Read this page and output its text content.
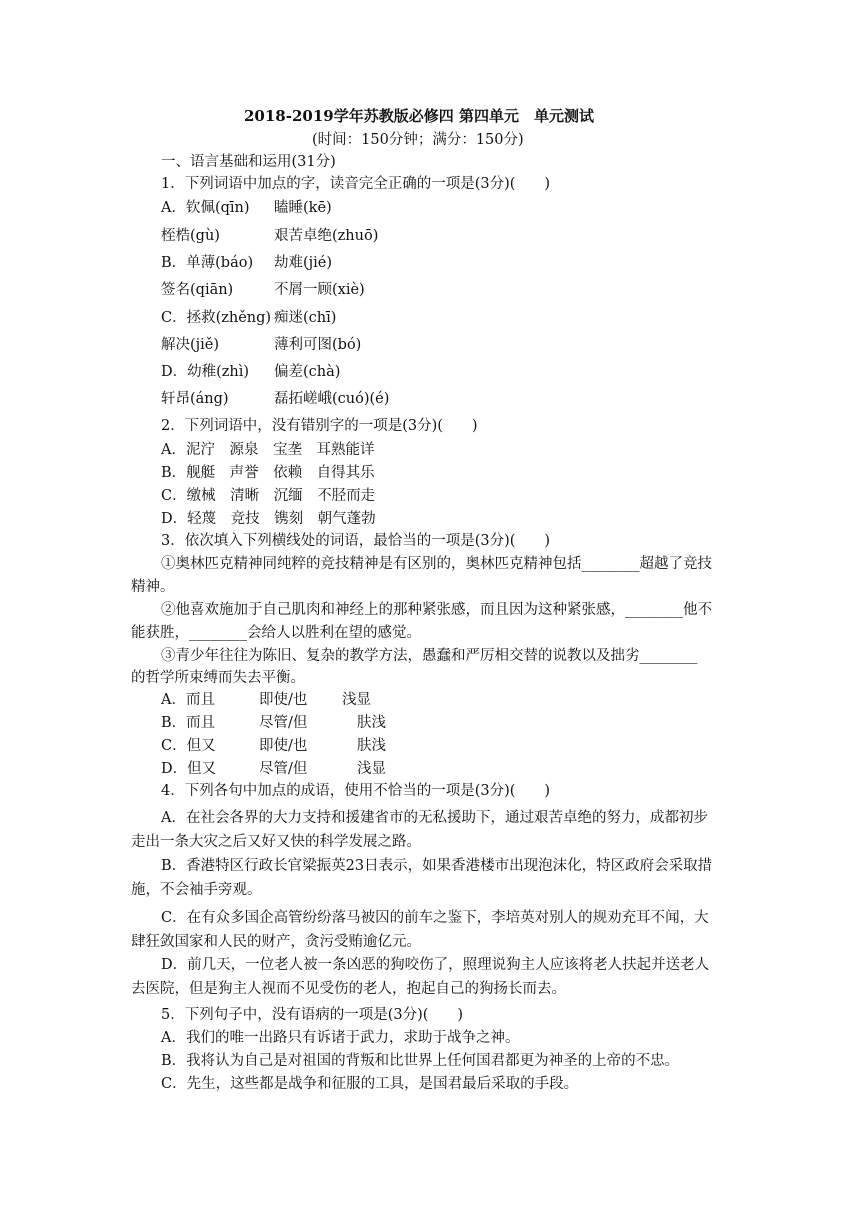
2018-2019学年苏教版必修四 第四单元　单元测试
(时间：150分钟；满分：150分)
一、语言基础和运用(31分)
1．下列词语中加点的字，读音完全正确的一项是(3分)(　　)
A．钦佩(qīn) 瞌睡(kē)
桎梏(gù)	艰苦卓绝(zhuō)
B．单薄(báo) 劫难(jié)
签名(qiān)	不屑一顾(xiè)
C．拯救(zhěng) 痴迷(chī)
解决(jiě)	薄利可图(bó)
D．幼稚(zhì) 偏差(chà)
轩昂(áng)	磊拓嵯峨(cuó)(é)
2．下列词语中，没有错别字的一项是(3分)(　　)
A．泥泞　源泉　宝垄　耳熟能详
B．舰艇　声誉　依赖　自得其乐
C．缴械　清晰　沉缅　不胫而走
D．轻蔑　竞技　镌刻　朝气蓬勃
3．依次填入下列横线处的词语，最恰当的一项是(3分)(　　)
①奥林匹克精神同纯粹的竞技精神是有区别的，奥林匹克精神包括________超越了竞技
精神。
②他喜欢施加于自己肌肉和神经上的那种紧张感，而且因为这种紧张感，________他不
能获胜，________会给人以胜利在望的感觉。
③青少年往往为陈旧、复杂的教学方法，愚蠢和严厉相交替的说教以及拙劣________
的哲学所束缚而失去平衡。
A．而且	即使/也 浅显
B．而且	尽管/但	肤浅
C．但又	即使/也	肤浅
D．但又	尽管/但	浅显
4．下列各句中加点的成语，使用不恰当的一项是(3分)(　　)
A．在社会各界的大力支持和援建省市的无私援助下，通过艰苦卓绝的努力，成都初步
走出一条大灾之后又好又快的科学发展之路。
B．香港特区行政长官梁振英23日表示，如果香港楼市出现泡沫化，特区政府会采取措
施，不会袖手旁观。
C．在有众多国企高管纷纷落马被囚的前车之鉴下，李培英对别人的规劝充耳不闻，大
肆狂敛国家和人民的财产，贪污受贿逾亿元。
D．前几天，一位老人被一条凶恶的狗咬伤了，照理说狗主人应该将老人扶起并送老人
去医院，但是狗主人视而不见受伤的老人，抱起自己的狗扬长而去。
5．下列句子中，没有语病的一项是(3分)(　　)
A．我们的唯一出路只有诉诸于武力，求助于战争之神。
B．我将认为自己是对祖国的背叛和比世界上任何国君都更为神圣的上帝的不忠。
C．先生，这些都是战争和征服的工具，是国君最后采取的手段。
